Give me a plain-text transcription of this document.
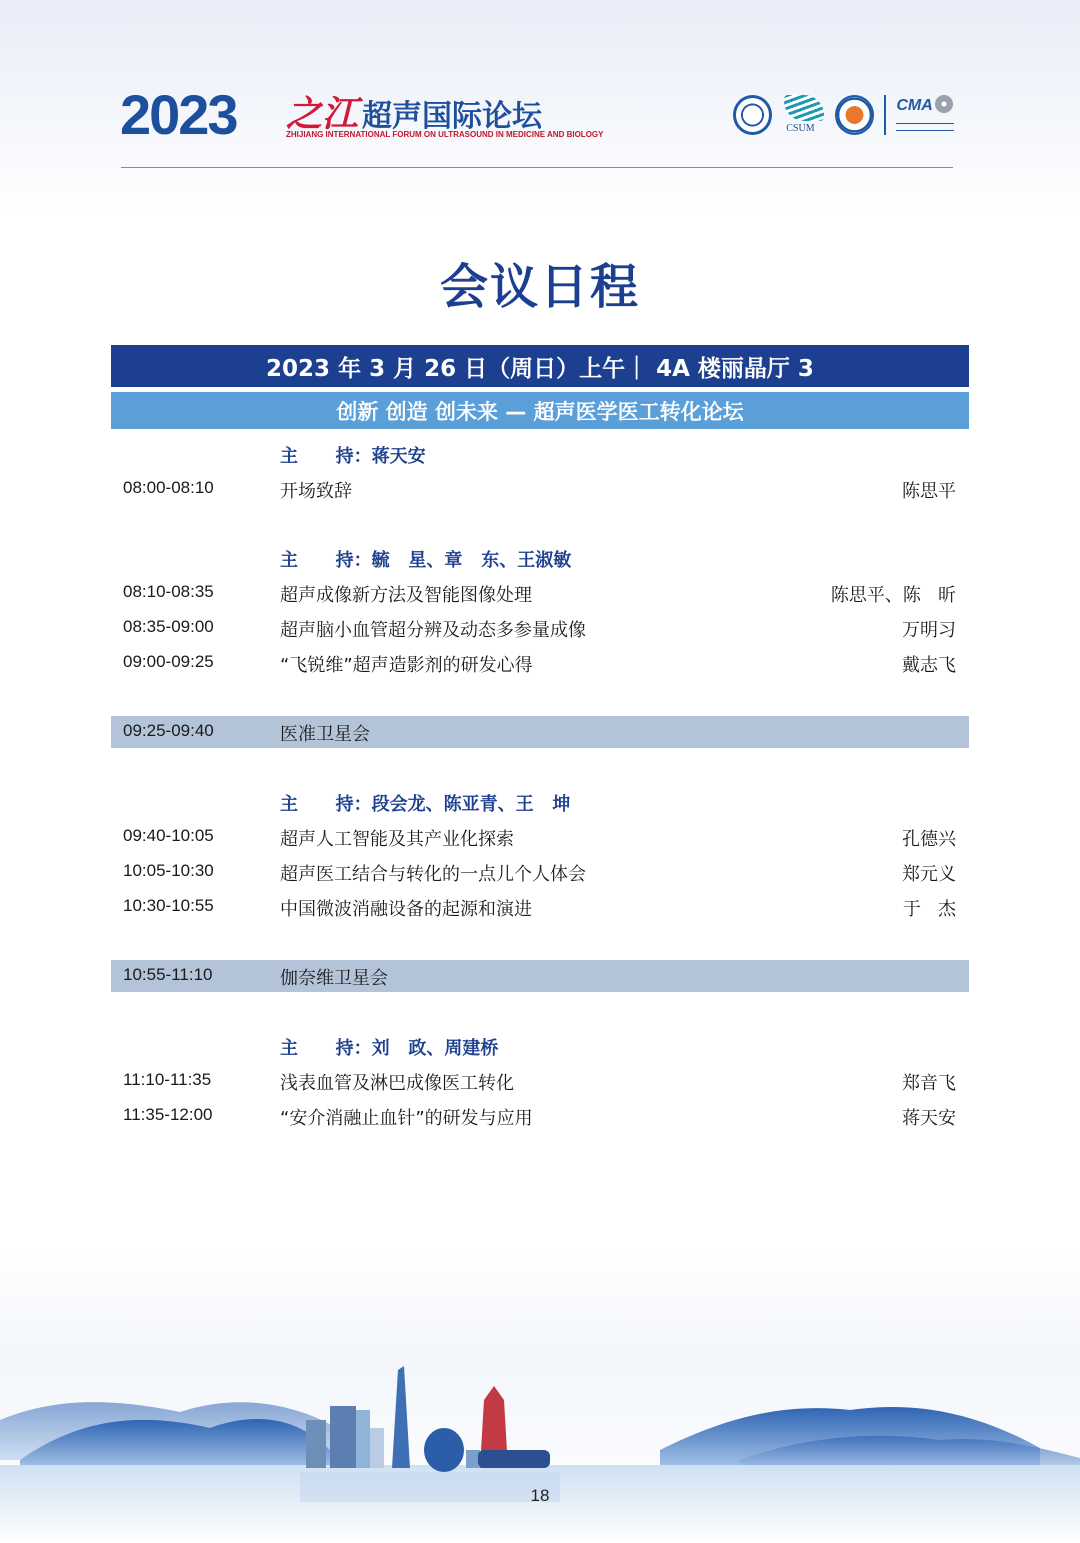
2023 之江 超声国际论坛
ZHIJIANG INTERNATIONAL FORUM ON ULTRASOUND IN MEDICINE AND BIOLOGY
CSUM
CMA
会议日程
2023 年 3 月 26 日（周日）上午｜ 4A 楼丽晶厅 3
创新 创造 创未来 — 超声医学医工转化论坛
主      持：蒋天安
08:00-08:10	开场致辞	陈思平
主      持：毓   星、章   东、王淑敏
08:10-08:35	超声成像新方法及智能图像处理	陈思平、陈   昕
08:35-09:00	超声脑小血管超分辨及动态多参量成像	万明习
09:00-09:25	“飞锐维”超声造影剂的研发心得	戴志飞
09:25-09:40	医准卫星会
主      持：段会龙、陈亚青、王   坤
09:40-10:05	超声人工智能及其产业化探索	孔德兴
10:05-10:30	超声医工结合与转化的一点儿个人体会	郑元义
10:30-10:55	中国微波消融设备的起源和演进	于   杰
10:55-11:10	伽奈维卫星会
主      持：刘   政、周建桥
11:10-11:35	浅表血管及淋巴成像医工转化	郑音飞
11:35-12:00	“安介消融止血针”的研发与应用	蒋天安
18
